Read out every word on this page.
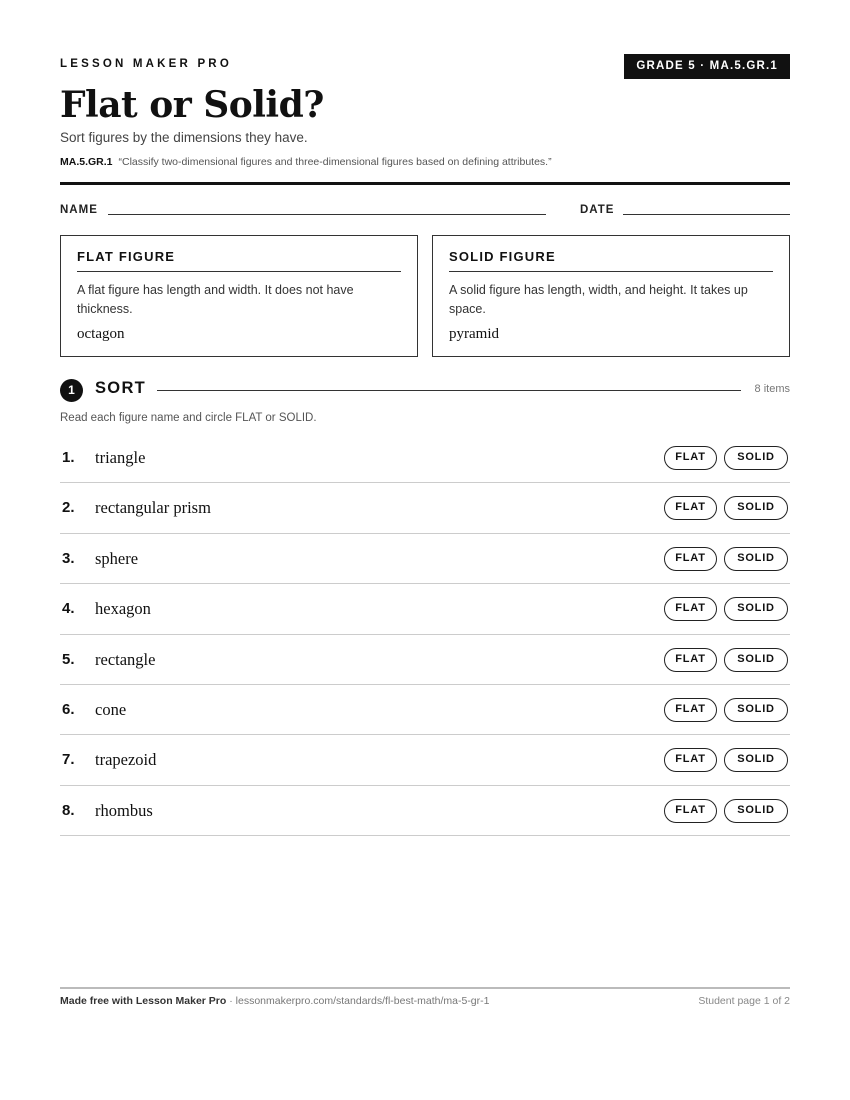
LESSON MAKER PRO	GRADE 5 · MA.5.GR.1
Flat or Solid?
Sort figures by the dimensions they have.
MA.5.GR.1 “Classify two-dimensional figures and three-dimensional figures based on defining attributes.”
NAME	DATE
FLAT FIGURE
A flat figure has length and width. It does not have thickness.
octagon
SOLID FIGURE
A solid figure has length, width, and height. It takes up space.
pyramid
1	SORT	8 items
Read each figure name and circle FLAT or SOLID.
1. triangle	FLAT	SOLID
2. rectangular prism	FLAT	SOLID
3. sphere	FLAT	SOLID
4. hexagon	FLAT	SOLID
5. rectangle	FLAT	SOLID
6. cone	FLAT	SOLID
7. trapezoid	FLAT	SOLID
8. rhombus	FLAT	SOLID
Made free with Lesson Maker Pro · lessonmakerpro.com/standards/fl-best-math/ma-5-gr-1	Student page 1 of 2
